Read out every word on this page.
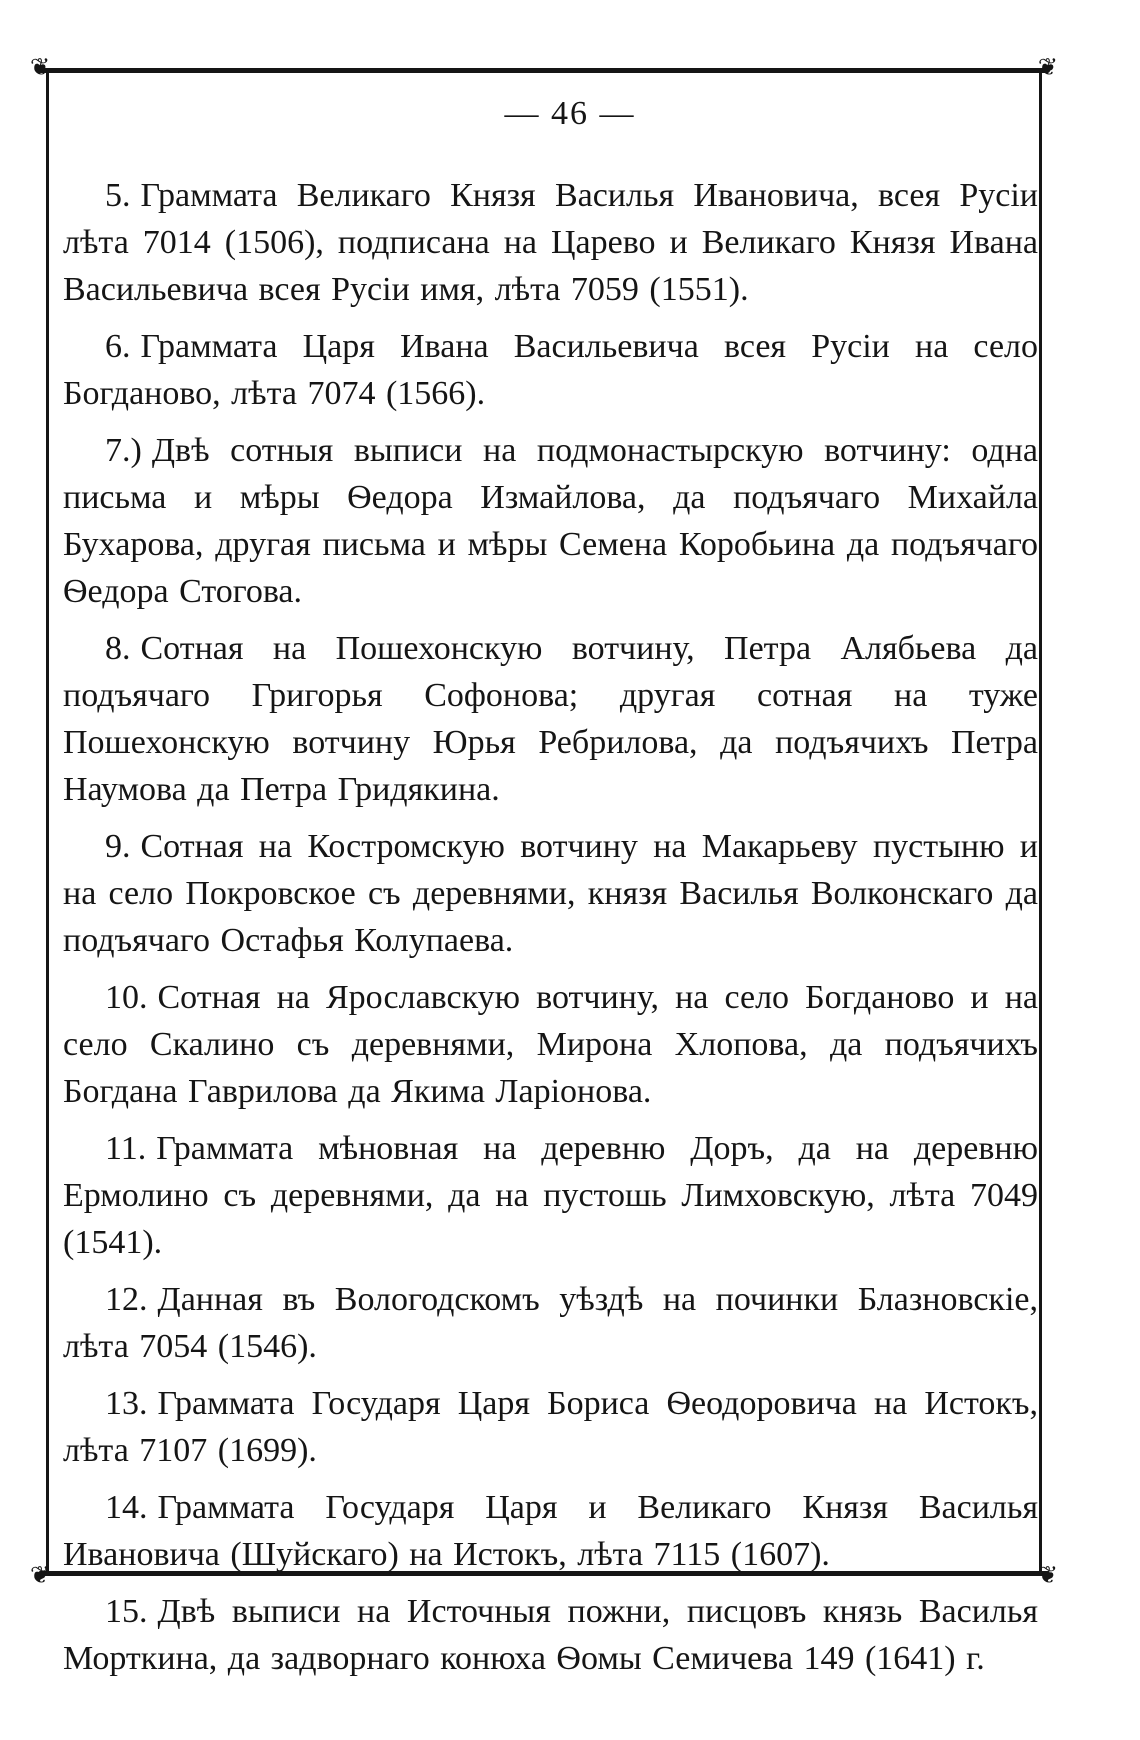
❦	❦
❦	❦
— 46 —

5. Граммата Великаго Князя Василья Ивановича, всея Русіи лѣта 7014 (1506), подписана на Царево и Великаго Князя Ивана Васильевича всея Русіи имя, лѣта 7059 (1551).

6. Граммата Царя Ивана Васильевича всея Русіи на село Богданово, лѣта 7074 (1566).

7.) Двѣ сотныя выписи на подмонастырскую вотчину: одна письма и мѣры Ѳедора Измайлова, да подъячаго Михайла Бухарова, другая письма и мѣры Семена Коробьина да подъячаго Ѳедора Стогова.

8. Сотная на Пошехонскую вотчину, Петра Алябьева да подъячаго Григорья Софонова; другая сотная на туже Пошехонскую вотчину Юрья Ребрилова, да подъячихъ Петра Наумова да Петра Гридякина.

9. Сотная на Костромскую вотчину на Макарьеву пустыню и на село Покровское съ деревнями, князя Василья Волконскаго да подъячаго Остафья Колупаева.

10. Сотная на Ярославскую вотчину, на село Богданово и на село Скалино съ деревнями, Мирона Хлопова, да подъячихъ Богдана Гаврилова да Якима Ларіонова.

11. Граммата мѣновная на деревню Доръ, да на деревню Ермолино съ деревнями, да на пустошь Лимховскую, лѣта 7049 (1541).

12. Данная въ Вологодскомъ уѣздѣ на починки Блазновскіе, лѣта 7054 (1546).

13. Граммата Государя Царя Бориса Ѳеодоровича на Истокъ, лѣта 7107 (1699).

14. Граммата Государя Царя и Великаго Князя Василья Ивановича (Шуйскаго) на Истокъ, лѣта 7115 (1607).

15. Двѣ выписи на Источныя пожни, писцовъ князь Василья Морткина, да задворнаго конюха Ѳомы Семичева 149 (1641) г.
